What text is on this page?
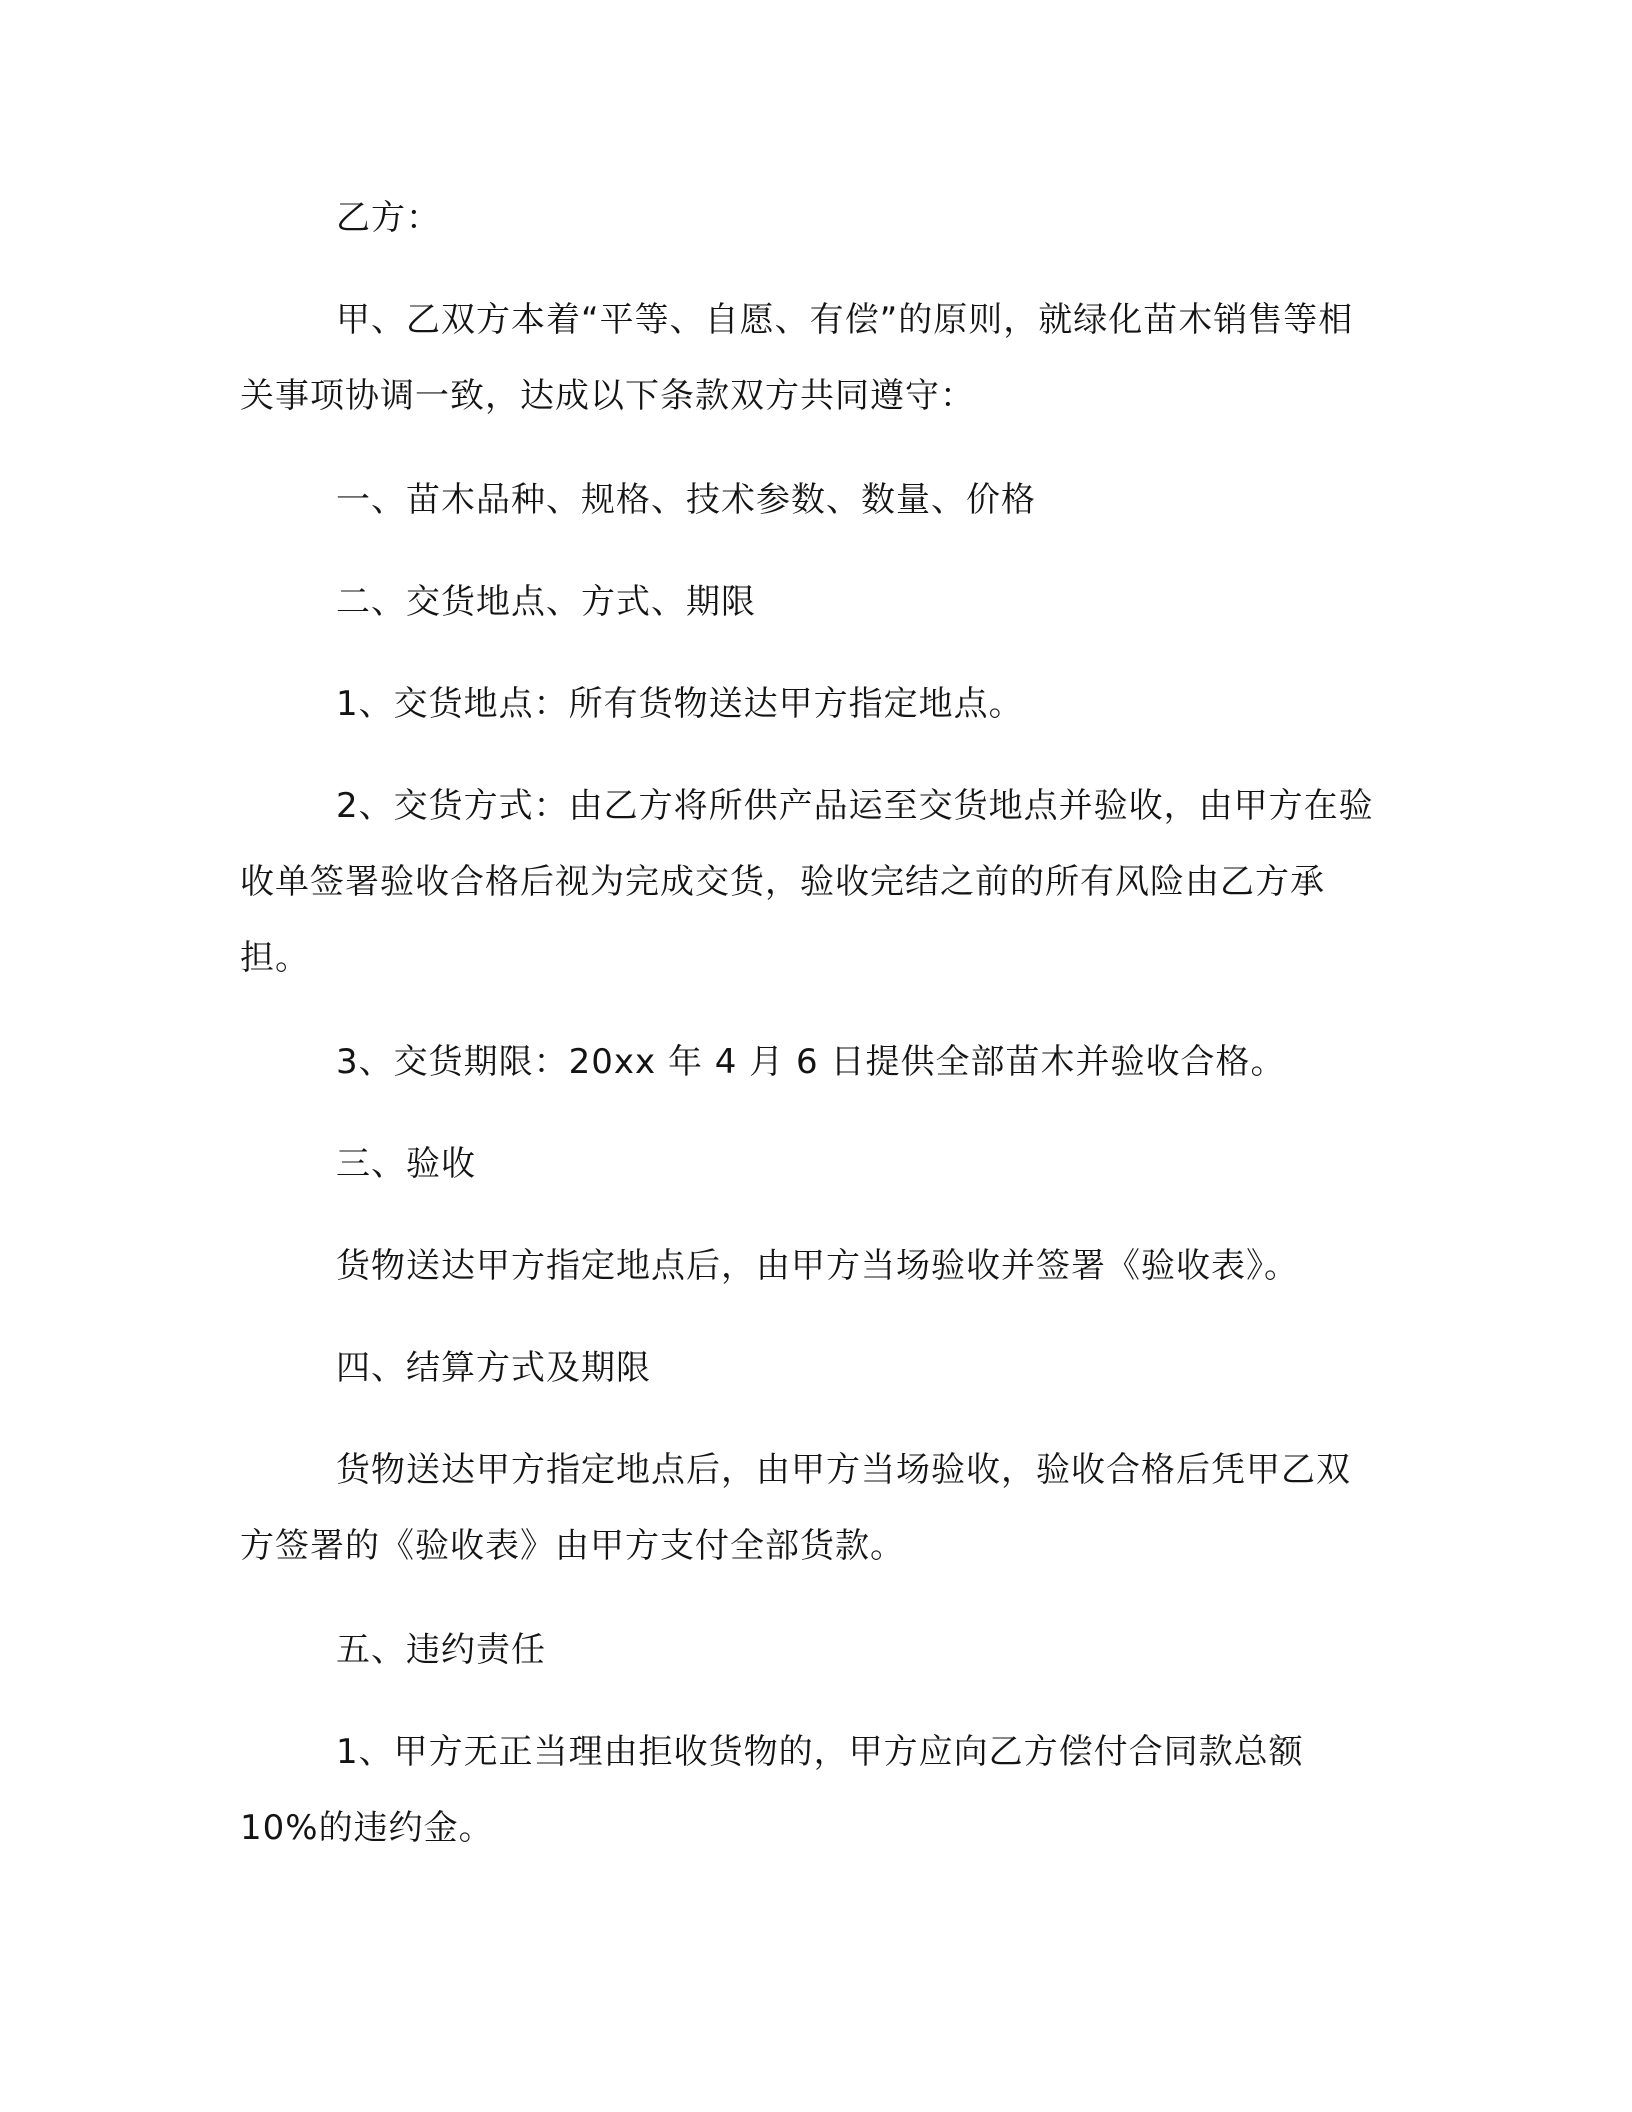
乙方：

甲、乙双方本着“平等、自愿、有偿”的原则，就绿化苗木销售等相关事项协调一致，达成以下条款双方共同遵守：

一、苗木品种、规格、技术参数、数量、价格

二、交货地点、方式、期限

1、交货地点：所有货物送达甲方指定地点。

2、交货方式：由乙方将所供产品运至交货地点并验收，由甲方在验收单签署验收合格后视为完成交货，验收完结之前的所有风险由乙方承担。

3、交货期限：20xx 年 4 月 6 日提供全部苗木并验收合格。

三、验收

货物送达甲方指定地点后，由甲方当场验收并签署《验收表》。

四、结算方式及期限

货物送达甲方指定地点后，由甲方当场验收，验收合格后凭甲乙双方签署的《验收表》由甲方支付全部货款。

五、违约责任

1、甲方无正当理由拒收货物的，甲方应向乙方偿付合同款总额 10%的违约金。
